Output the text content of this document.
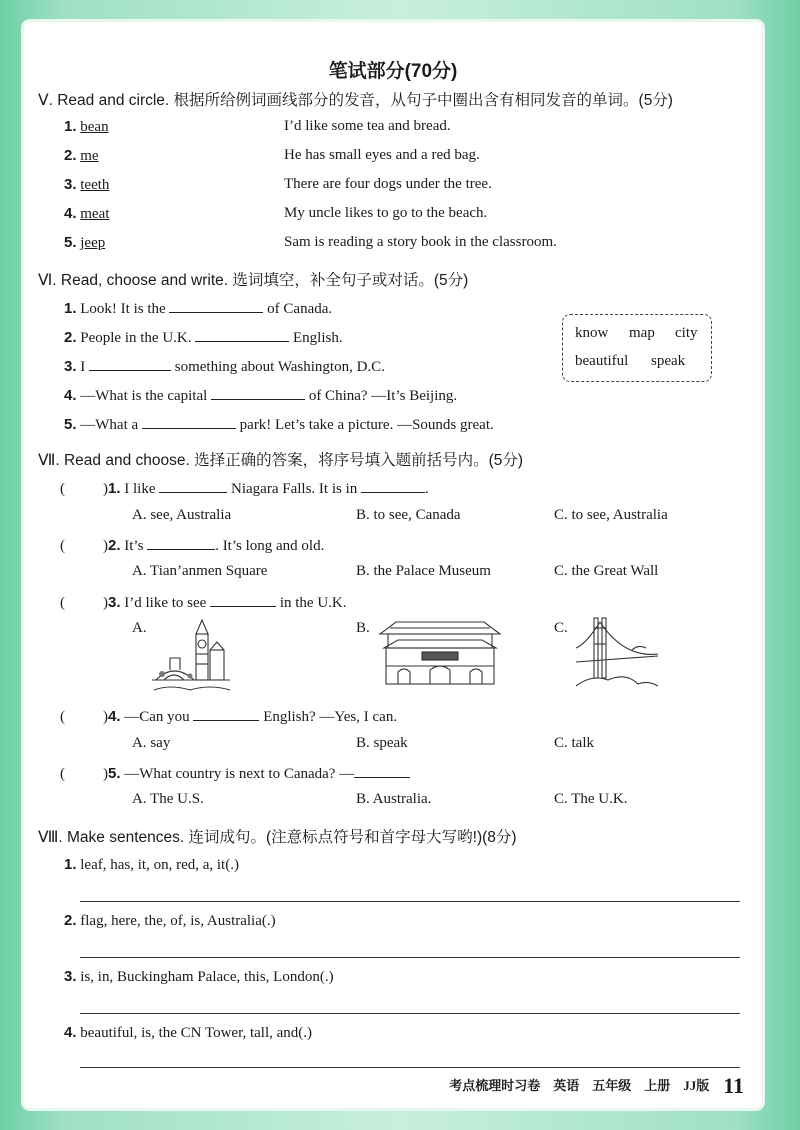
笔试部分(70分)
Ⅴ. Read and circle. 根据所给例词画线部分的发音，从句子中圈出含有相同发音的单词。(5分)
1. bean	I’d like some tea and bread.
2. me	He has small eyes and a red bag.
3. teeth	There are four dogs under the tree.
4. meat	My uncle likes to go to the beach.
5. jeep	Sam is reading a story book in the classroom.
Ⅵ. Read, choose and write. 选词填空，补全句子或对话。(5分)
1. Look! It is the	of Canada.
2. People in the U.K.	English.
3. I	something about Washington, D.C.
4. —What is the capital	of China? —It’s Beijing.
5. —What a	park! Let’s take a picture. —Sounds great.
know map city
beautiful speak
Ⅶ. Read and choose. 选择正确的答案，将序号填入题前括号内。(5分)
(	)1. I like	Niagara Falls. It is in	.
A. see, Australia	B. to see, Canada	C. to see, Australia
(	)2. It’s	. It’s long and old.
A. Tian’anmen Square	B. the Palace Museum	C. the Great Wall
(	)3. I’d like to see	in the U.K.
A.	B.	C.
(	)4. —Can you	English? —Yes, I can.
A. say	B. speak	C. talk
(	)5. —What country is next to Canada? —
A. The U.S.	B. Australia.	C. The U.K.
Ⅷ. Make sentences. 连词成句。(注意标点符号和首字母大写哟!)(8分)
1. leaf, has, it, on, red, a, it(.)
2. flag, here, the, of, is, Australia(.)
3. is, in, Buckingham Palace, this, London(.)
4. beautiful, is, the CN Tower, tall, and(.)
考点梳理时习卷　英语　五年级　上册　JJ版 11
